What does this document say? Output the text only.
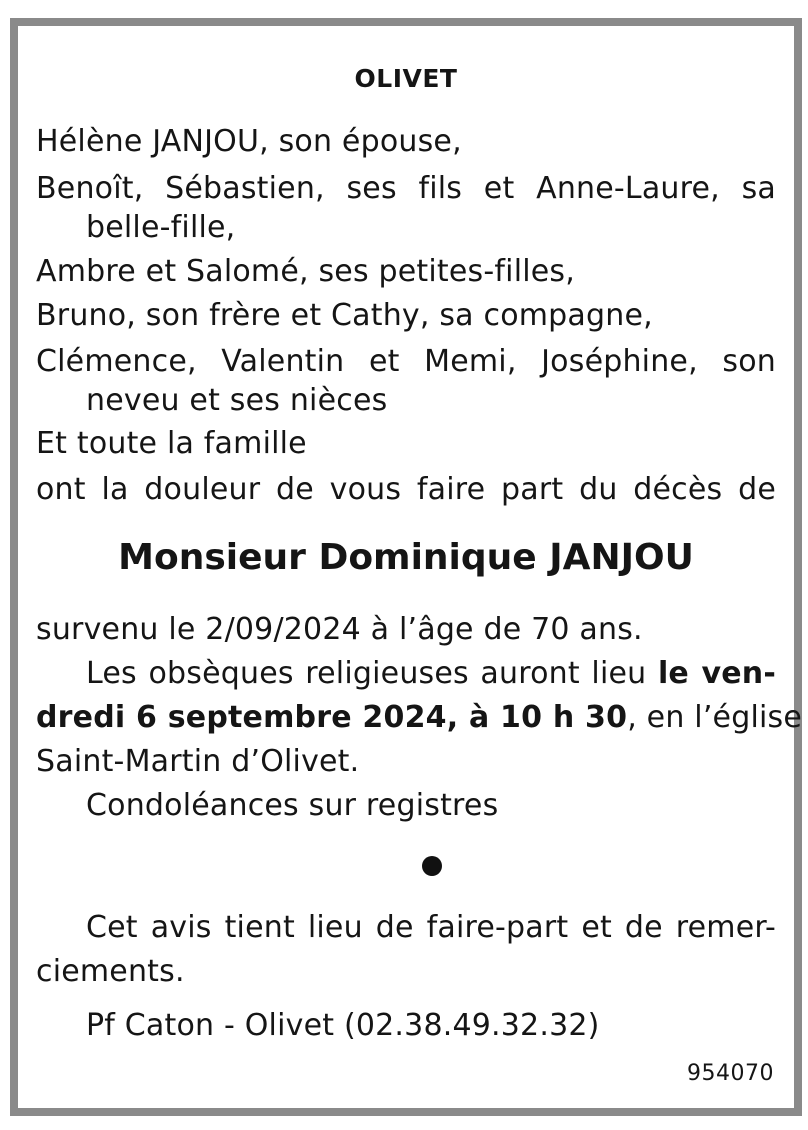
OLIVET
Hélène JANJOU, son épouse,
Benoît, Sébastien, ses fils et Anne-Laure, sa
belle-fille,
Ambre et Salomé, ses petites-filles,
Bruno, son frère et Cathy, sa compagne,
Clémence, Valentin et Memi, Joséphine, son
neveu et ses nièces
Et toute la famille
ont la douleur de vous faire part du décès de
Monsieur Dominique JANJOU
survenu le 2/09/2024 à l’âge de 70 ans.
Les obsèques religieuses auront lieu le ven-
dredi 6 septembre 2024, à 10 h 30, en l’église
Saint-Martin d’Olivet.
Condoléances sur registres
Cet avis tient lieu de faire-part et de remer-
ciements.
Pf Caton - Olivet (02.38.49.32.32)
954070
